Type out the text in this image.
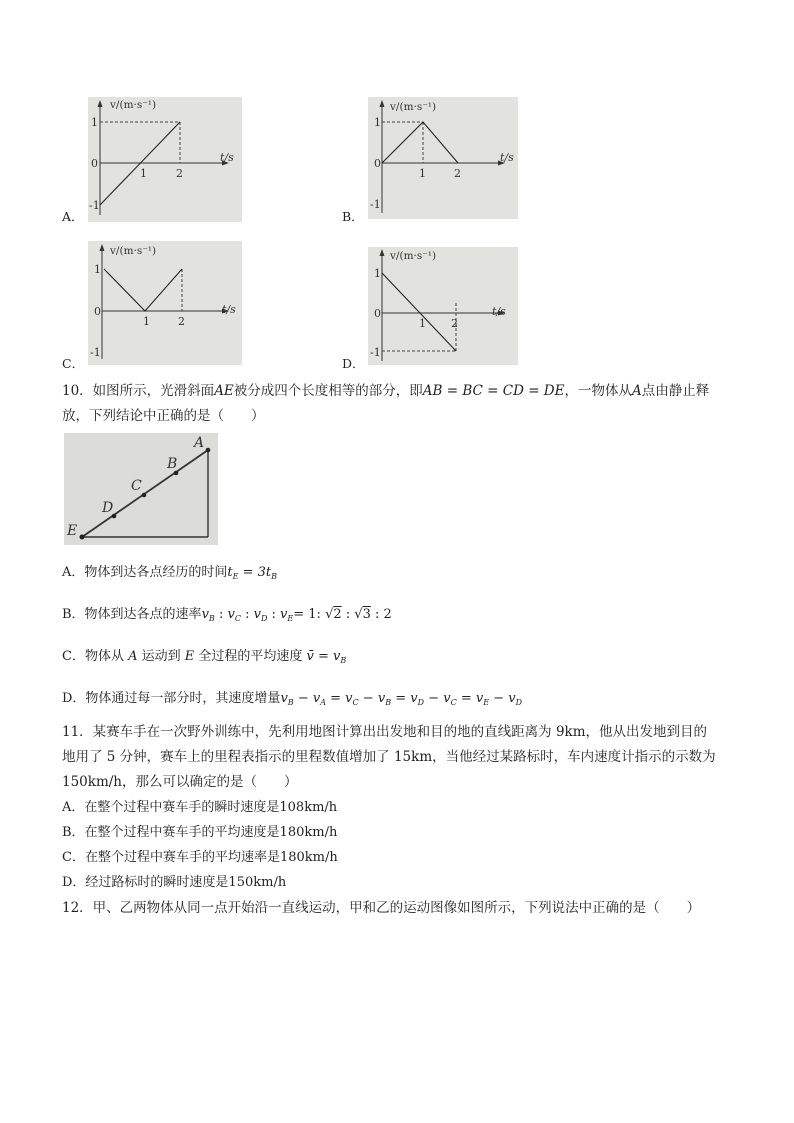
v/(m·s⁻¹)
t/s
1
0
-1
1	2
A．
v/(m·s⁻¹)
t/s
1
0
-1
1	2
B．
v/(m·s⁻¹)
t/s
1
0
-1
1	2
C．
v/(m·s⁻¹)
t/s
1
0
-1
1 2
D．
10．如图所示，光滑斜面AE被分成四个长度相等的部分，即AB = BC = CD = DE，一物体从A点由静止释
放，下列结论中正确的是（　　）
A
B
C
D
E
A．物体到达各点经历的时间$t_E = 3t_B$
B．物体到达各点的速率$v_B$ : $v_C$ : $v_D$ : $v_E= 1$: √2 : √3 : 2
C．物体从 A 运动到 E 全过程的平均速度 v̄ = $v_B$
D．物体通过每一部分时，其速度增量$v_B - v_A = v_C - v_B = v_D - v_C = v_E - v_D$
11．某赛车手在一次野外训练中，先利用地图计算出出发地和目的地的直线距离为 9km，他从出发地到目的
地用了 5 分钟，赛车上的里程表指示的里程数值增加了 15km，当他经过某路标时，车内速度计指示的示数为
150km/h，那么可以确定的是（　　）
A．在整个过程中赛车手的瞬时速度是108km/h
B．在整个过程中赛车手的平均速度是180km/h
C．在整个过程中赛车手的平均速率是180km/h
D．经过路标时的瞬时速度是150km/h
12．甲、乙两物体从同一点开始沿一直线运动，甲和乙的运动图像如图所示，下列说法中正确的是（　　）
